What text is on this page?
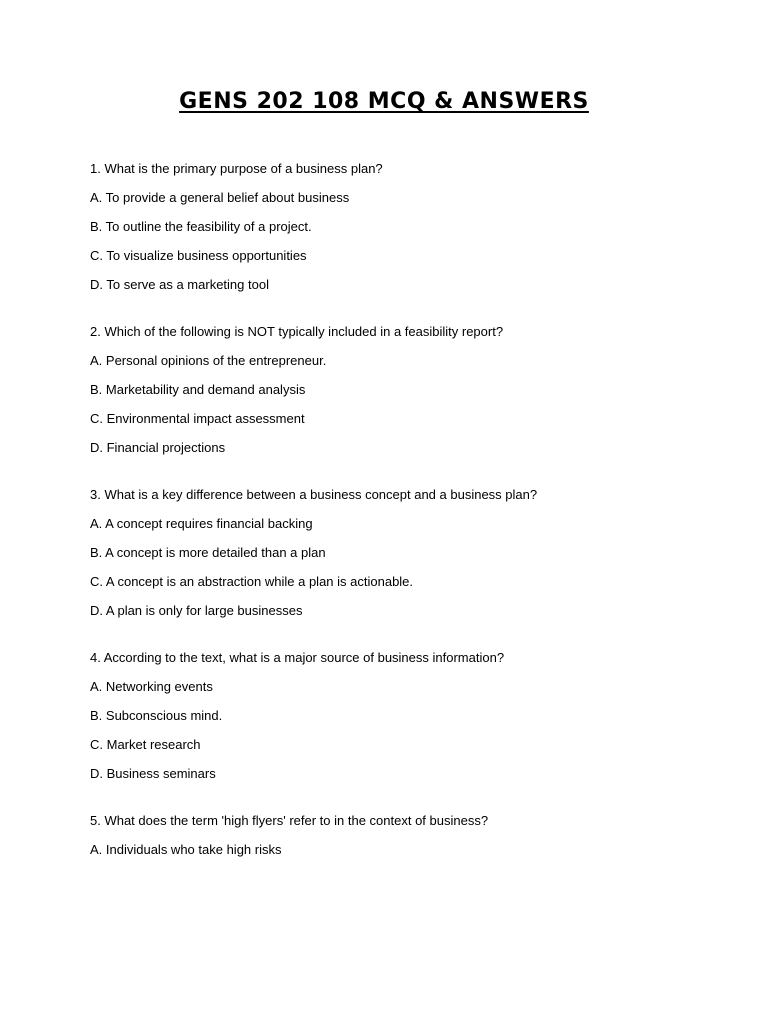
GENS 202 108 MCQ & ANSWERS
1. What is the primary purpose of a business plan?
A. To provide a general belief about business
B. To outline the feasibility of a project.
C. To visualize business opportunities
D. To serve as a marketing tool
2. Which of the following is NOT typically included in a feasibility report?
A. Personal opinions of the entrepreneur.
B. Marketability and demand analysis
C. Environmental impact assessment
D. Financial projections
3. What is a key difference between a business concept and a business plan?
A. A concept requires financial backing
B. A concept is more detailed than a plan
C. A concept is an abstraction while a plan is actionable.
D. A plan is only for large businesses
4. According to the text, what is a major source of business information?
A. Networking events
B. Subconscious mind.
C. Market research
D. Business seminars
5. What does the term 'high flyers' refer to in the context of business?
A. Individuals who take high risks
